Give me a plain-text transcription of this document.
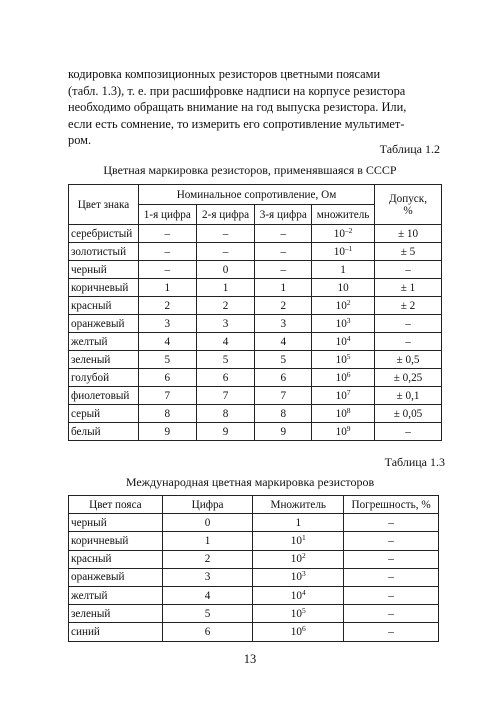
кодировка композиционных резисторов цветными поясами
(табл. 1.3), т. е. при расшифровке надписи на корпусе резистора
необходимо обращать внимание на год выпуска резистора. Или,
если есть сомнение, то измерить его сопротивление мультимет-
ром.

Таблица 1.2
Цветная маркировка резисторов, применявшаяся в СССР
Цвет знака	Номинальное сопротивление, Ом				Допуск, %
	1-я цифра	2-я цифра	3-я цифра	множитель	
серебристый	–	–	–	$10^{-2}$	± 10
золотистый	–	–	–	$10^{-1}$	± 5
черный	–	0	–	1	–
коричневый	1	1	1	10	± 1
красный	2	2	2	$10^2$	± 2
оранжевый	3	3	3	$10^3$	–
желтый	4	4	4	$10^4$	–
зеленый	5	5	5	$10^5$	± 0,5
голубой	6	6	6	$10^6$	± 0,25
фиолетовый	7	7	7	$10^7$	± 0,1
серый	8	8	8	$10^8$	± 0,05
белый	9	9	9	$10^9$	–
Таблица 1.3
Международная цветная маркировка резисторов
Цвет пояса	Цифра	Множитель	Погрешность, %
черный	0	1	–
коричневый	1	$10^1$	–
красный	2	$10^2$	–
оранжевый	3	$10^3$	–
желтый	4	$10^4$	–
зеленый	5	$10^5$	–
синий	6	$10^6$	–
13
